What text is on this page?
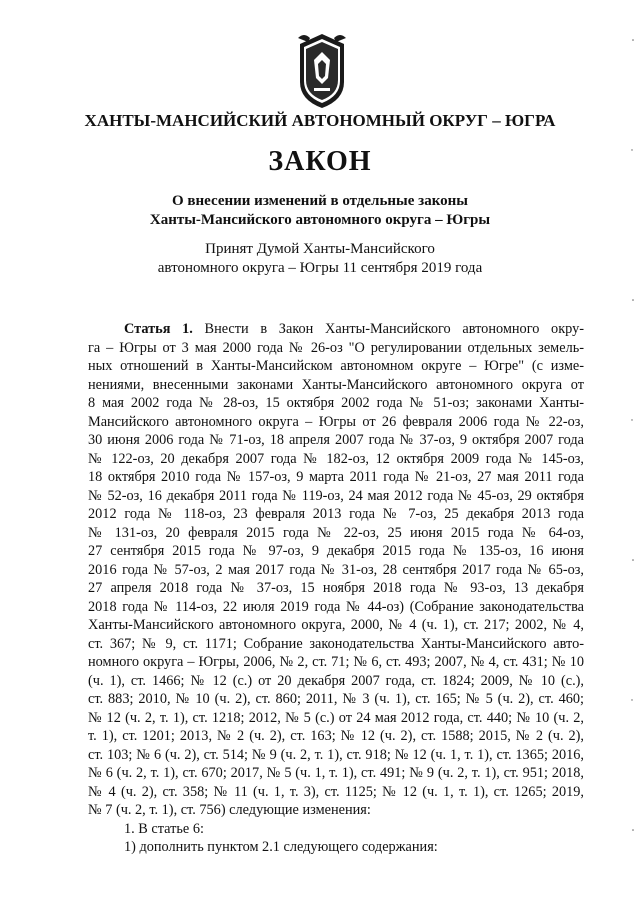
ХАНТЫ-МАНСИЙСКИЙ АВТОНОМНЫЙ ОКРУГ – ЮГРА
ЗАКОН
О внесении изменений в отдельные законы
Ханты-Мансийского автономного округа – Югры
Принят Думой Ханты-Мансийского
автономного округа – Югры 11 сентября 2019 года
Статья 1. Внести в Закон Ханты-Мансийского автономного окру-
га – Югры от 3 мая 2000 года № 26-оз "О регулировании отдельных земель-
ных отношений в Ханты-Мансийском автономном округе – Югре" (с изме-
нениями, внесенными законами Ханты-Мансийского автономного округа от
8 мая 2002 года № 28-оз, 15 октября 2002 года № 51-оз; законами Ханты-
Мансийского автономного округа – Югры от 26 февраля 2006 года № 22-оз,
30 июня 2006 года № 71-оз, 18 апреля 2007 года № 37-оз, 9 октября 2007 года
№ 122-оз, 20 декабря 2007 года № 182-оз, 12 октября 2009 года № 145-оз,
18 октября 2010 года № 157-оз, 9 марта 2011 года № 21-оз, 27 мая 2011 года
№ 52-оз, 16 декабря 2011 года № 119-оз, 24 мая 2012 года № 45-оз, 29 октября
2012 года № 118-оз, 23 февраля 2013 года № 7-оз, 25 декабря 2013 года
№ 131-оз, 20 февраля 2015 года № 22-оз, 25 июня 2015 года № 64-оз,
27 сентября 2015 года № 97-оз, 9 декабря 2015 года № 135-оз, 16 июня
2016 года № 57-оз, 2 мая 2017 года № 31-оз, 28 сентября 2017 года № 65-оз,
27 апреля 2018 года № 37-оз, 15 ноября 2018 года № 93-оз, 13 декабря
2018 года № 114-оз, 22 июля 2019 года № 44-оз) (Собрание законодательства
Ханты-Мансийского автономного округа, 2000, № 4 (ч. 1), ст. 217; 2002, № 4,
ст. 367; № 9, ст. 1171; Собрание законодательства Ханты-Мансийского авто-
номного округа – Югры, 2006, № 2, ст. 71; № 6, ст. 493; 2007, № 4, ст. 431; № 10
(ч. 1), ст. 1466; № 12 (с.) от 20 декабря 2007 года, ст. 1824; 2009, № 10 (с.),
ст. 883; 2010, № 10 (ч. 2), ст. 860; 2011, № 3 (ч. 1), ст. 165; № 5 (ч. 2), ст. 460;
№ 12 (ч. 2, т. 1), ст. 1218; 2012, № 5 (с.) от 24 мая 2012 года, ст. 440; № 10 (ч. 2,
т. 1), ст. 1201; 2013, № 2 (ч. 2), ст. 163; № 12 (ч. 2), ст. 1588; 2015, № 2 (ч. 2),
ст. 103; № 6 (ч. 2), ст. 514; № 9 (ч. 2, т. 1), ст. 918; № 12 (ч. 1, т. 1), ст. 1365; 2016,
№ 6 (ч. 2, т. 1), ст. 670; 2017, № 5 (ч. 1, т. 1), ст. 491; № 9 (ч. 2, т. 1), ст. 951; 2018,
№ 4 (ч. 2), ст. 358; № 11 (ч. 1, т. 3), ст. 1125; № 12 (ч. 1, т. 1), ст. 1265; 2019,
№ 7 (ч. 2, т. 1), ст. 756) следующие изменения:
1. В статье 6:
1) дополнить пунктом 2.1 следующего содержания:
